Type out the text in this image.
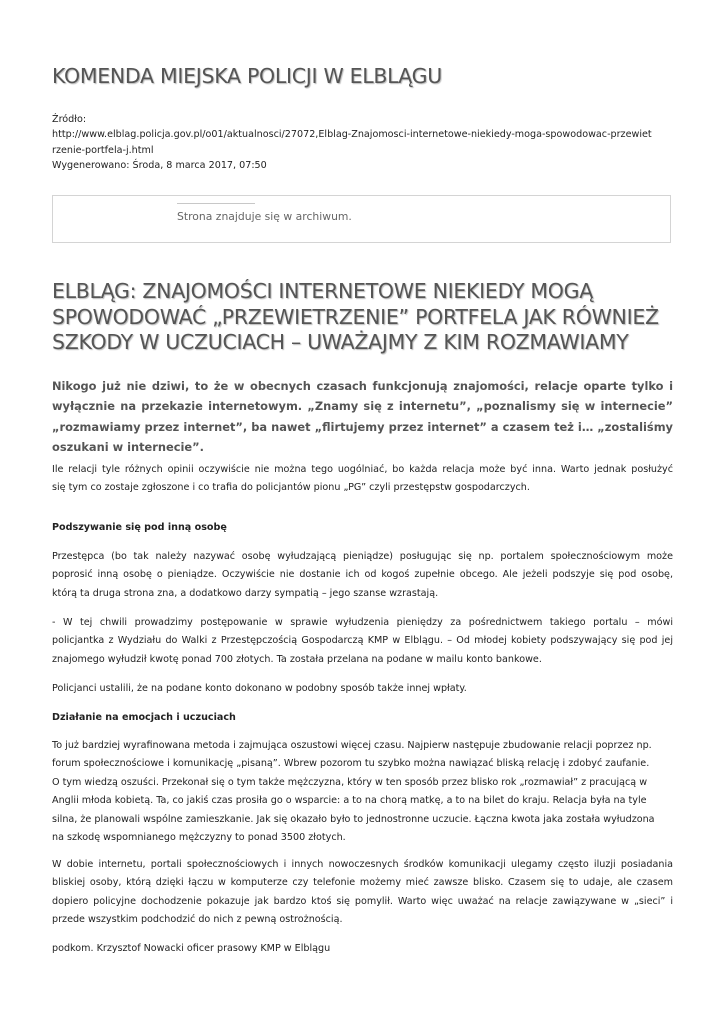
KOMENDA MIEJSKA POLICJI W ELBLĄGU
Źródło:
http://www.elblag.policja.gov.pl/o01/aktualnosci/27072,Elblag-Znajomosci-internetowe-niekiedy-moga-spowodowac-przewiet
rzenie-portfela-j.html
Wygenerowano: Środa, 8 marca 2017, 07:50
Strona znajduje się w archiwum.
ELBLĄG: ZNAJOMOŚCI INTERNETOWE NIEKIEDY MOGĄ
SPOWODOWAĆ „PRZEWIETRZENIE” PORTFELA JAK RÓWNIEŻ
SZKODY W UCZUCIACH – UWAŻAJMY Z KIM ROZMAWIAMY
Nikogo już nie dziwi, to że w obecnych czasach funkcjonują znajomości, relacje oparte tylko i
wyłącznie na przekazie internetowym. „Znamy się z internetu”, „poznalismy się w internecie”
„rozmawiamy przez internet”, ba nawet „flirtujemy przez internet” a czasem też i… „zostaliśmy
oszukani w internecie”.
Ile relacji tyle różnych opinii oczywiście nie można tego uogólniać, bo każda relacja może być inna. Warto jednak posłużyć
się tym co zostaje zgłoszone i co trafia do policjantów pionu „PG” czyli przestępstw gospodarczych.
Podszywanie się pod inną osobę
Przestępca (bo tak należy nazywać osobę wyłudzającą pieniądze) posługując się np. portalem społecznościowym może
poprosić inną osobę o pieniądze. Oczywiście nie dostanie ich od kogoś zupełnie obcego. Ale jeżeli podszyje się pod osobę,
którą ta druga strona zna, a dodatkowo darzy sympatią – jego szanse wzrastają.
- W tej chwili prowadzimy postępowanie w sprawie wyłudzenia pieniędzy za pośrednictwem takiego portalu – mówi
policjantka z Wydziału do Walki z Przestępczością Gospodarczą KMP w Elblągu. – Od młodej kobiety podszywający się pod jej
znajomego wyłudził kwotę ponad 700 złotych. Ta została przelana na podane w mailu konto bankowe.
Policjanci ustalili, że na podane konto dokonano w podobny sposób także innej wpłaty.
Działanie na emocjach i uczuciach
To już bardziej wyrafinowana metoda i zajmująca oszustowi więcej czasu. Najpierw następuje zbudowanie relacji poprzez np.
forum społecznościowe i komunikację „pisaną”. Wbrew pozorom tu szybko można nawiązać bliską relację i zdobyć zaufanie.
O tym wiedzą oszuści. Przekonał się o tym także mężczyzna, który w ten sposób przez blisko rok „rozmawiał” z pracującą w
Anglii młoda kobietą. Ta, co jakiś czas prosiła go o wsparcie: a to na chorą matkę, a to na bilet do kraju. Relacja była na tyle
silna, że planowali wspólne zamieszkanie. Jak się okazało było to jednostronne uczucie. Łączna kwota jaka została wyłudzona
na szkodę wspomnianego mężczyzny to ponad 3500 złotych.
W dobie internetu, portali społecznościowych i innych nowoczesnych środków komunikacji ulegamy często iluzji posiadania
bliskiej osoby, którą dzięki łączu w komputerze czy telefonie możemy mieć zawsze blisko. Czasem się to udaje, ale czasem
dopiero policyjne dochodzenie pokazuje jak bardzo ktoś się pomylił. Warto więc uważać na relacje zawiązywane w „sieci” i
przede wszystkim podchodzić do nich z pewną ostrożnością.
podkom. Krzysztof Nowacki oficer prasowy KMP w Elblągu
